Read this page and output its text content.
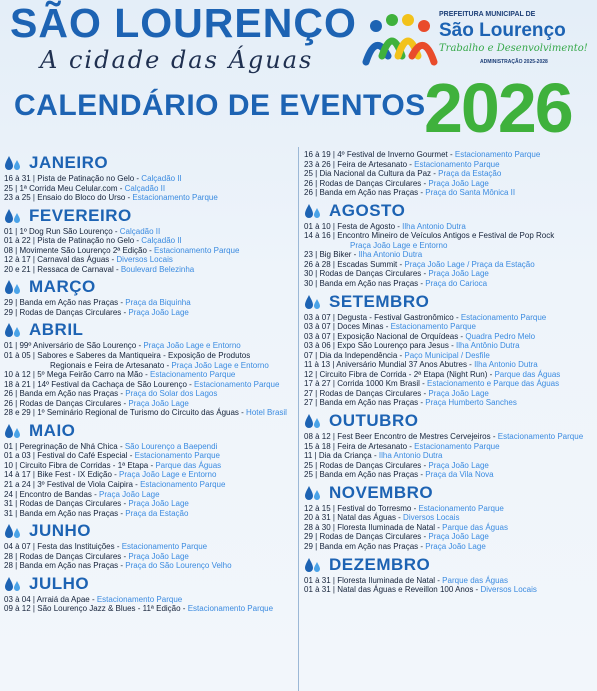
SÃO LOURENÇO
A cidade das Águas
CALENDÁRIO DE EVENTOS
2026
PREFEITURA MUNICIPAL DE
São Lourenço
Trabalho e Desenvolvimento!
ADMINISTRAÇÃO 2025-2028
JANEIRO
16 à 31 | Pista de Patinação no Gelo - Calçadão II
25 | 1ª Corrida Meu Celular.com - Calçadão II
23 a 25 | Ensaio do Bloco do Urso - Estacionamento Parque
FEVEREIRO
01 | 1º Dog Run São Lourenço - Calçadão II
01 à 22 | Pista de Patinação no Gelo - Calçadão II
08 | Movimente São Lourenço 2ª Edição - Estacionamento Parque
12 à 17 | Carnaval das Águas - Diversos Locais
20 e 21 | Ressaca de Carnaval - Boulevard Belezinha
MARÇO
29 | Banda em Ação nas Praças - Praça da Biquinha
29 | Rodas de Danças Circulares - Praça João Lage
ABRIL
01 | 99º Aniversário de São Lourenço - Praça João Lage e Entorno
01 à 05 | Sabores e Saberes da Mantiqueira - Exposição de Produtos
Regionais e Feira de Artesanato - Praça João Lage e Entorno
10 à 12 | 5º Mega Feirão Carro na Mão - Estacionamento Parque
18 à 21 | 14º Festival da Cachaça de São Lourenço - Estacionamento Parque
26 | Banda em Ação nas Praças - Praça do Solar dos Lagos
26 | Rodas de Danças Circulares - Praça João Lage
28 e 29 | 1º Seminário Regional de Turismo do Circuito das Águas - Hotel Brasil
MAIO
01 | Peregrinação de Nhá Chica - São Lourenço a Baependi
01 a 03 | Festival do Café Especial - Estacionamento Parque
10 | Circuito Fibra de Corridas - 1ª Etapa - Parque das Águas
14 à 17 | Bike Fest - IX Edição - Praça João Lage e Entorno
21 a 24 | 3º Festival de Viola Caipira - Estacionamento Parque
24 | Encontro de Bandas - Praça João Lage
31 | Rodas de Danças Circulares - Praça João Lage
31 | Banda em Ação nas Praças - Praça da Estação
JUNHO
04 à 07 | Festa das Instituições - Estacionamento Parque
28 | Rodas de Danças Circulares - Praça João Lage
28 | Banda em Ação nas Praças - Praça do São Lourenço Velho
JULHO
03 à 04 | Arraiá da Apae - Estacionamento Parque
09 à 12 | São Lourenço Jazz & Blues - 11ª Edição - Estacionamento Parque
16 à 19 | 4º Festival de Inverno Gourmet - Estacionamento Parque
23 à 26 | Feira de Artesanato - Estacionamento Parque
25 | Dia Nacional da Cultura da Paz - Praça da Estação
26 | Rodas de Danças Circulares - Praça João Lage
26 | Banda em Ação nas Praças - Praça do Santa Mônica II
AGOSTO
01 à 10 | Festa de Agosto - Ilha Antonio Dutra
14 à 16 | Encontro Mineiro de Veículos Antigos e Festival de Pop Rock
Praça João Lage e Entorno
23 | Big Biker - Ilha Antonio Dutra
26 à 28 | Escadas Summit - Praça João Lage / Praça da Estação
30 | Rodas de Danças Circulares - Praça João Lage
30 | Banda em Ação nas Praças - Praça do Carioca
SETEMBRO
03 à 07 | Degusta - Festival Gastronômico - Estacionamento Parque
03 à 07 | Doces Minas - Estacionamento Parque
03 à 07 | Exposição Nacional de Orquídeas - Quadra Pedro Melo
03 à 06 | Expo São Lourenço para Jesus - Ilha Antônio Dutra
07 | Dia da Independência - Paço Municipal / Desfile
11 à 13 | Aniversário Mundial 37 Anos Abutres - Ilha Antonio Dutra
12 | Circuito Fibra de Corrida - 2ª Etapa (Night Run) - Parque das Águas
17 à 27 | Corrida 1000 Km Brasil - Estacionamento e Parque das Águas
27 | Rodas de Danças Circulares - Praça João Lage
27 | Banda em Ação nas Praças - Praça Humberto Sanches
OUTUBRO
08 à 12 | Fest Beer Encontro de Mestres Cervejeiros - Estacionamento Parque
15 à 18 | Feira de Artesanato - Estacionamento Parque
11 | Dia da Criança - Ilha Antonio Dutra
25 | Rodas de Danças Circulares - Praça João Lage
25 | Banda em Ação nas Praças - Praça da Vila Nova
NOVEMBRO
12 à 15 | Festival do Torresmo - Estacionamento Parque
20 à 31 | Natal das Águas - Diversos Locais
28 à 30 | Floresta Iluminada de Natal - Parque das Águas
29 | Rodas de Danças Circulares - Praça João Lage
29 | Banda em Ação nas Praças - Praça João Lage
DEZEMBRO
01 à 31 | Floresta Iluminada de Natal - Parque das Águas
01 à 31 | Natal das Águas e Reveillon 100 Anos - Diversos Locais
